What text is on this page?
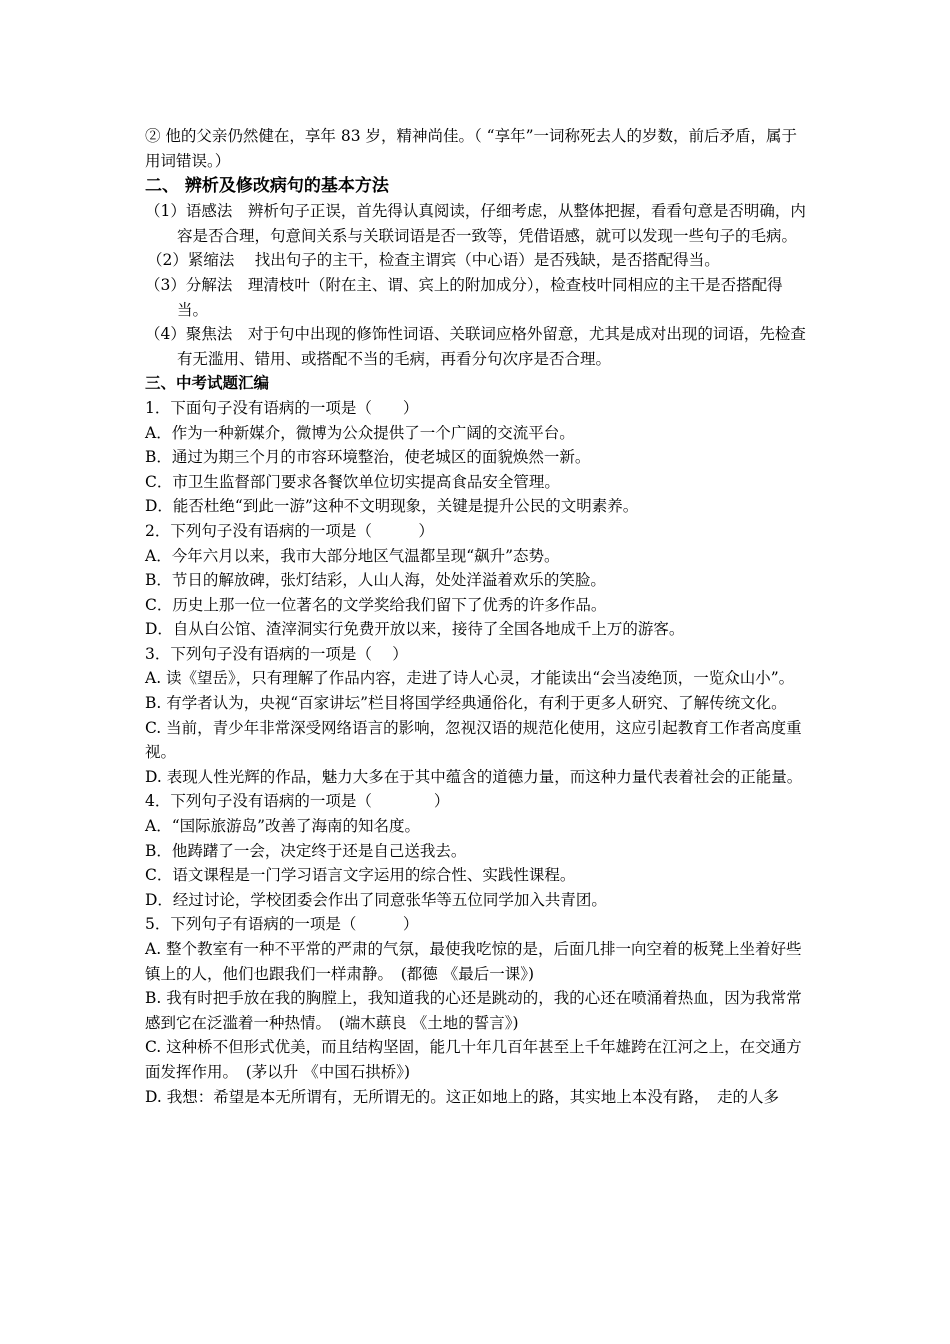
② 他的父亲仍然健在，享年 83 岁，精神尚佳。（ “享年”一词称死去人的岁数，前后矛盾，属于用词错误。）
二、 辨析及修改病句的基本方法
（1）语感法　辨析句子正误，首先得认真阅读，仔细考虑，从整体把握，看看句意是否明确，内容是否合理，句意间关系与关联词语是否一致等，凭借语感，就可以发现一些句子的毛病。
（2）紧缩法　 找出句子的主干，检查主谓宾（中心语）是否残缺，是否搭配得当。
（3）分解法　理清枝叶（附在主、谓、宾上的附加成分），检查枝叶同相应的主干是否搭配得当。
（4）聚焦法　对于句中出现的修饰性词语、关联词应格外留意，尤其是成对出现的词语，先检查有无滥用、错用、或搭配不当的毛病，再看分句次序是否合理。
三、中考试题汇编
1．下面句子没有语病的一项是（　　）
A．作为一种新媒介，微博为公众提供了一个广阔的交流平台。
B．通过为期三个月的市容环境整治，使老城区的面貌焕然一新。
C．市卫生监督部门要求各餐饮单位切实提高食品安全管理。
D．能否杜绝“到此一游”这种不文明现象，关键是提升公民的文明素养。
2．下列句子没有语病的一项是（　　　）
A．今年六月以来，我市大部分地区气温都呈现“飙升”态势。
B．节日的解放碑，张灯结彩，人山人海，处处洋溢着欢乐的笑脸。
C．历史上那一位一位著名的文学奖给我们留下了优秀的许多作品。
D．自从白公馆、渣滓洞实行免费开放以来，接待了全国各地成千上万的游客。
3．下列句子没有语病的一项是（　 ）
A. 读《望岳》，只有理解了作品内容，走进了诗人心灵，才能读出“会当凌绝顶，一览众山小”。
B. 有学者认为，央视“百家讲坛”栏目将国学经典通俗化，有利于更多人研究、了解传统文化。
C. 当前，青少年非常深受网络语言的影响，忽视汉语的规范化使用，这应引起教育工作者高度重视。
D. 表现人性光辉的作品，魅力大多在于其中蕴含的道德力量，而这种力量代表着社会的正能量。
4．下列句子没有语病的一项是（　　　　）
A．“国际旅游岛”改善了海南的知名度。
B．他踌躇了一会，决定终于还是自己送我去。
C．语文课程是一门学习语言文字运用的综合性、实践性课程。
D．经过讨论，学校团委会作出了同意张华等五位同学加入共青团。
5．下列句子有语病的一项是（　　　）
A. 整个教室有一种不平常的严肃的气氛，最使我吃惊的是，后面几排一向空着的板凳上坐着好些镇上的人，他们也跟我们一样肃静。　(都德 《最后一课》)
B. 我有时把手放在我的胸膛上，我知道我的心还是跳动的，我的心还在喷涌着热血，因为我常常感到它在泛滥着一种热情。　(端木蕻良 《土地的誓言》)
C. 这种桥不但形式优美，而且结构坚固，能几十年几百年甚至上千年雄跨在江河之上，在交通方面发挥作用。　(茅以升 《中国石拱桥》)
D. 我想：希望是本无所谓有，无所谓无的。这正如地上的路，其实地上本没有路，　走的人多
